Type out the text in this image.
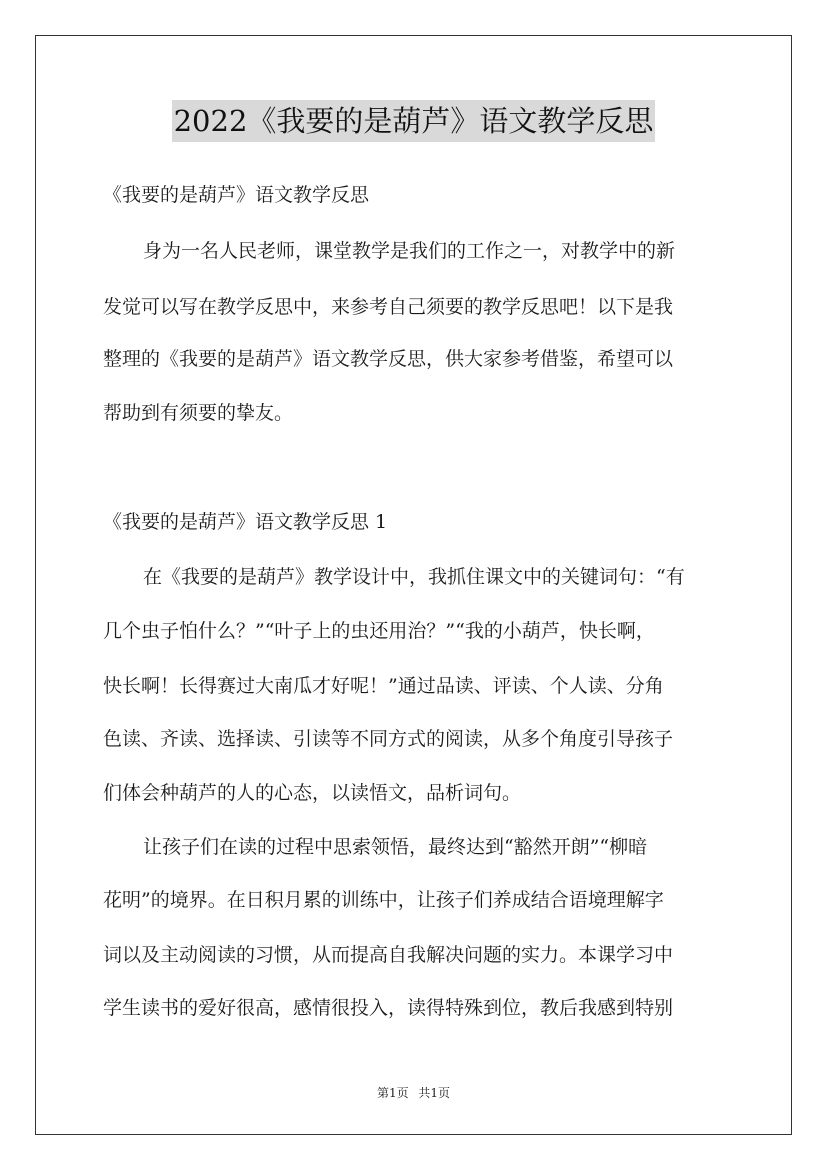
2022《我要的是葫芦》语文教学反思
《我要的是葫芦》语文教学反思
身为一名人民老师，课堂教学是我们的工作之一，对教学中的新
发觉可以写在教学反思中，来参考自己须要的教学反思吧！以下是我
整理的《我要的是葫芦》语文教学反思，供大家参考借鉴，希望可以
帮助到有须要的挚友。
《我要的是葫芦》语文教学反思 1
在《我要的是葫芦》教学设计中，我抓住课文中的关键词句：“有
几个虫子怕什么？”“叶子上的虫还用治？”“我的小葫芦，快长啊，
快长啊！长得赛过大南瓜才好呢！”通过品读、评读、个人读、分角
色读、齐读、选择读、引读等不同方式的阅读，从多个角度引导孩子
们体会种葫芦的人的心态，以读悟文，品析词句。
让孩子们在读的过程中思索领悟，最终达到“豁然开朗”“柳暗
花明”的境界。在日积月累的训练中，让孩子们养成结合语境理解字
词以及主动阅读的习惯，从而提高自我解决问题的实力。本课学习中
学生读书的爱好很高，感情很投入，读得特殊到位，教后我感到特别
第1页 共1页
